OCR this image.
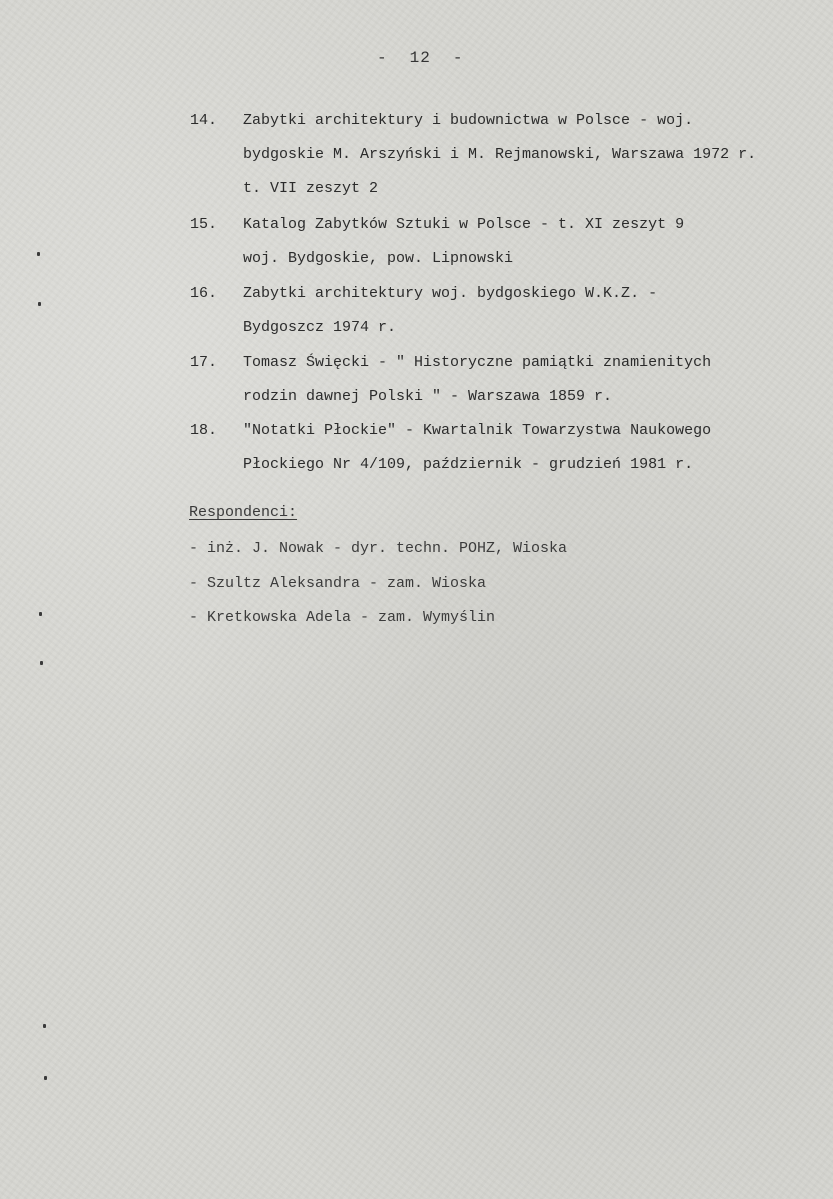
- 12 -
14.	Zabytki architektury i budownictwa w Polsce - woj.
bydgoskie M. Arszyński i M. Rejmanowski, Warszawa 1972 r.
t. VII zeszyt 2
15.	Katalog Zabytków Sztuki w Polsce - t. XI zeszyt 9
woj. Bydgoskie, pow. Lipnowski
16.	Zabytki architektury woj. bydgoskiego W.K.Z. -
Bydgoszcz 1974 r.
17.	Tomasz Święcki - " Historyczne pamiątki znamienitych
rodzin dawnej Polski " - Warszawa 1859 r.
18.	"Notatki Płockie" - Kwartalnik Towarzystwa Naukowego
Płockiego Nr 4/109, październik - grudzień 1981 r.
Respondenci:
- inż. J. Nowak - dyr. techn. POHZ, Wioska
- Szultz Aleksandra - zam. Wioska
- Kretkowska Adela - zam. Wymyślin
